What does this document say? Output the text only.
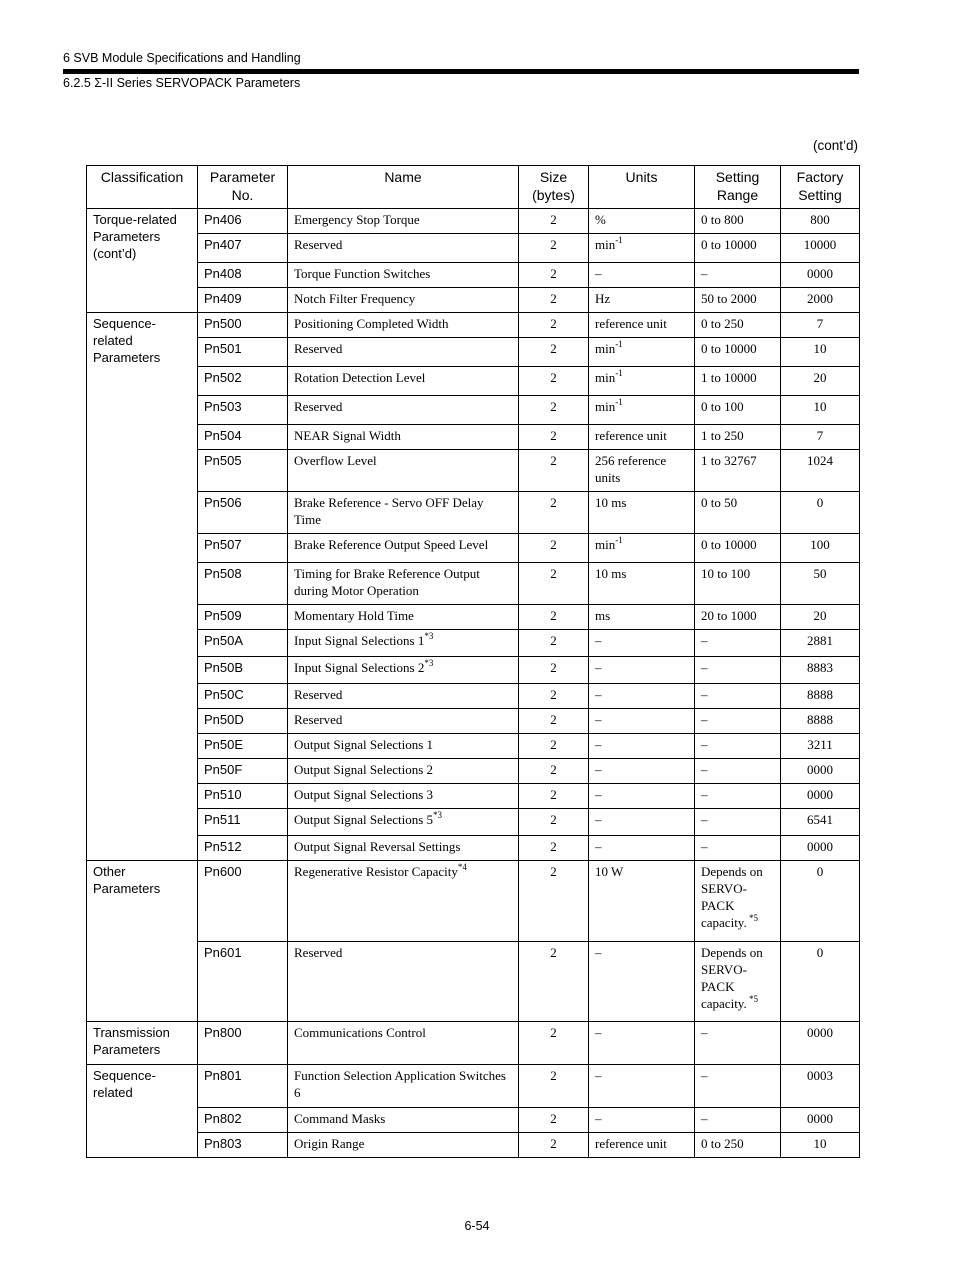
6 SVB Module Specifications and Handling
6.2.5 Σ-II Series SERVOPACK Parameters
(cont’d)
Classification	Parameter No.	Name	Size (bytes)	Units	Setting Range	Factory Setting
Torque-related Parameters (cont’d)	Pn406	Emergency Stop Torque	2	%	0 to 800	800
	Pn407	Reserved	2	$\min^{-1}$	0 to 10000	10000
	Pn408	Torque Function Switches	2	–	–	0000
	Pn409	Notch Filter Frequency	2	Hz	50 to 2000	2000
Sequence-related Parameters	Pn500	Positioning Completed Width	2	reference unit	0 to 250	7
	Pn501	Reserved	2	$\min^{-1}$	0 to 10000	10
	Pn502	Rotation Detection Level	2	$\min^{-1}$	1 to 10000	20
	Pn503	Reserved	2	$\min^{-1}$	0 to 100	10
	Pn504	NEAR Signal Width	2	reference unit	1 to 250	7
	Pn505	Overflow Level	2	256 reference units	1 to 32767	1024
	Pn506	Brake Reference - Servo OFF Delay Time	2	10 ms	0 to 50	0
	Pn507	Brake Reference Output Speed Level	2	$\min^{-1}$	0 to 10000	100
	Pn508	Timing for Brake Reference Output during Motor Operation	2	10 ms	10 to 100	50
	Pn509	Momentary Hold Time	2	ms	20 to 1000	20
	Pn50A	Input Signal Selections 1$^{*3}$	2	–	–	2881
	Pn50B	Input Signal Selections 2$^{*3}$	2	–	–	8883
	Pn50C	Reserved	2	–	–	8888
	Pn50D	Reserved	2	–	–	8888
	Pn50E	Output Signal Selections 1	2	–	–	3211
	Pn50F	Output Signal Selections 2	2	–	–	0000
	Pn510	Output Signal Selections 3	2	–	–	0000
	Pn511	Output Signal Selections 5$^{*3}$	2	–	–	6541
	Pn512	Output Signal Reversal Settings	2	–	–	0000
Other Parameters	Pn600	Regenerative Resistor Capacity$^{*4}$	2	10 W	Depends on SERVO-PACK capacity. $^{*5}$	0
	Pn601	Reserved	2	–	Depends on SERVO-PACK capacity. $^{*5}$	0
Transmission Parameters	Pn800	Communications Control	2	–	–	0000
Sequence-related	Pn801	Function Selection Application Switches 6	2	–	–	0003
	Pn802	Command Masks	2	–	–	0000
	Pn803	Origin Range	2	reference unit	0 to 250	10
6-54
